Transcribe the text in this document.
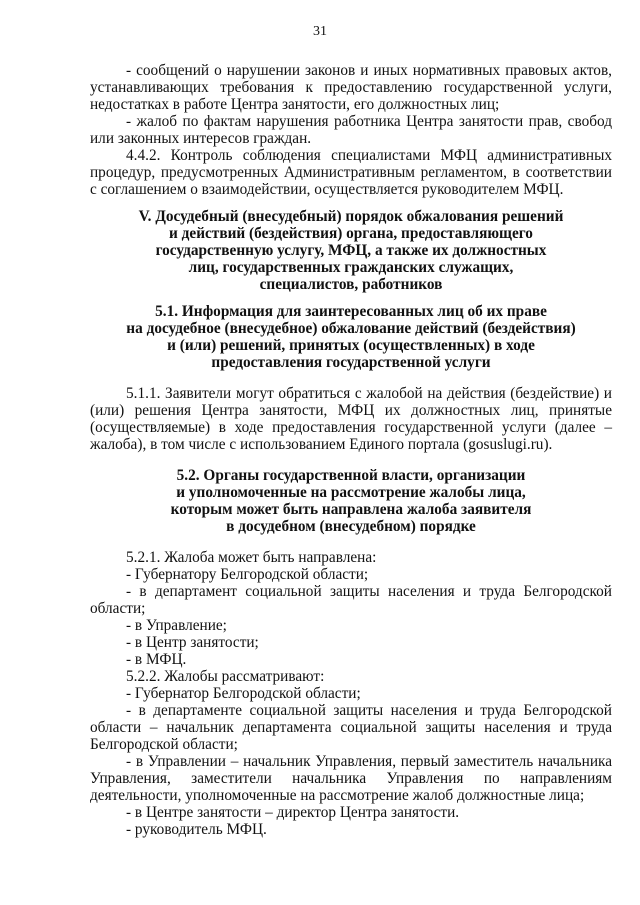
31

- сообщений о нарушении законов и иных нормативных правовых актов, устанавливающих требования к предоставлению государственной услуги, недостатках в работе Центра занятости, его должностных лиц;

- жалоб по фактам нарушения работника Центра занятости прав, свобод или законных интересов граждан.

4.4.2. Контроль соблюдения специалистами МФЦ административных процедур, предусмотренных Административным регламентом, в соответствии с соглашением о взаимодействии, осуществляется руководителем МФЦ.

V. Досудебный (внесудебный) порядок обжалования решений
и действий (бездействия) органа, предоставляющего
государственную услугу, МФЦ, а также их должностных
лиц, государственных гражданских служащих,
специалистов, работников

5.1. Информация для заинтересованных лиц об их праве
на досудебное (внесудебное) обжалование действий (бездействия)
и (или) решений, принятых (осуществленных) в ходе
предоставления государственной услуги

5.1.1. Заявители могут обратиться с жалобой на действия (бездействие) и (или) решения Центра занятости, МФЦ их должностных лиц, принятые (осуществляемые) в ходе предоставления государственной услуги (далее – жалоба), в том числе с использованием Единого портала (gosuslugi.ru).

5.2. Органы государственной власти, организации
и уполномоченные на рассмотрение жалобы лица,
которым может быть направлена жалоба заявителя
в досудебном (внесудебном) порядке

5.2.1. Жалоба может быть направлена:

- Губернатору Белгородской области;

- в департамент социальной защиты населения и труда Белгородской области;

- в Управление;

- в Центр занятости;

- в МФЦ.

5.2.2. Жалобы рассматривают:

- Губернатор Белгородской области;

- в департаменте социальной защиты населения и труда Белгородской области – начальник департамента социальной защиты населения и труда Белгородской области;

- в Управлении – начальник Управления, первый заместитель начальника Управления, заместители начальника Управления по направлениям деятельности, уполномоченные на рассмотрение жалоб должностные лица;

- в Центре занятости – директор Центра занятости.

- руководитель МФЦ.
